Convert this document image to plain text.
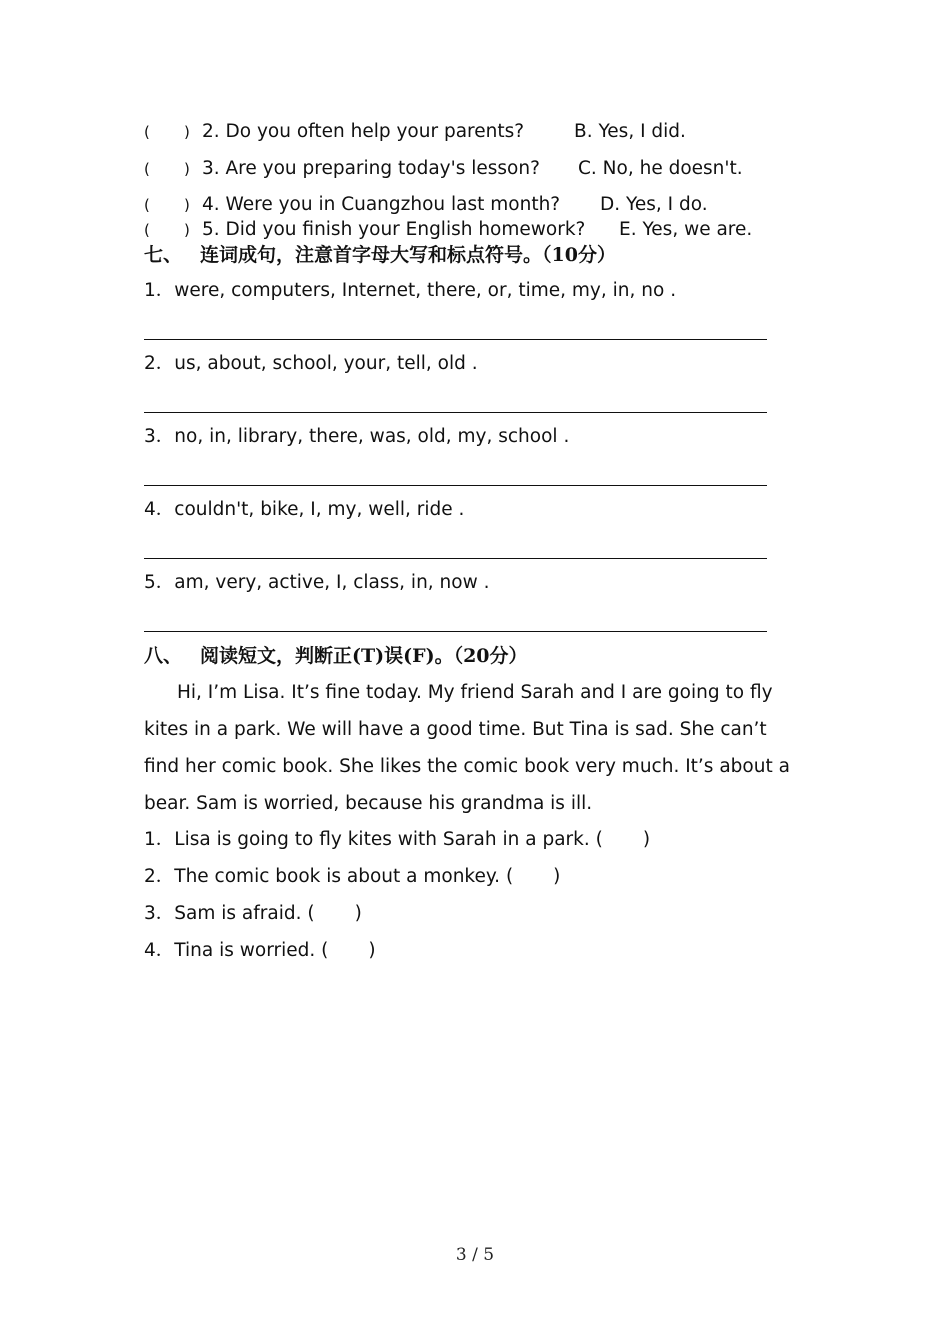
( ) 2. Do you often help your parents?	B. Yes, I did.
( ) 3. Are you preparing today's lesson? C. No, he doesn't.
( ) 4. Were you in Cuangzhou last month? D. Yes, I do.
( ) 5. Did you finish your English homework? E. Yes, we are.
七、 连词成句，注意首字母大写和标点符号。（10分）
1．were, computers, Internet, there, or, time, my, in, no .
2．us, about, school, your, tell, old .
3．no, in, library, there, was, old, my, school .
4．couldn't, bike, I, my, well, ride .
5．am, very, active, I, class, in, now .
八、 阅读短文，判断正(T)误(F)。（20分）

Hi, I’m Lisa. It’s fine today. My friend Sarah and I are going to fly kites in a park. We will have a good time. But Tina is sad. She can’t find her comic book. She likes the comic book very much. It’s about a bear. Sam is worried, because his grandma is ill.

1．Lisa is going to fly kites with Sarah in a park. ( )
2．The comic book is about a monkey. ( )
3．Sam is afraid. ( )
4．Tina is worried. ( )
3 / 5
